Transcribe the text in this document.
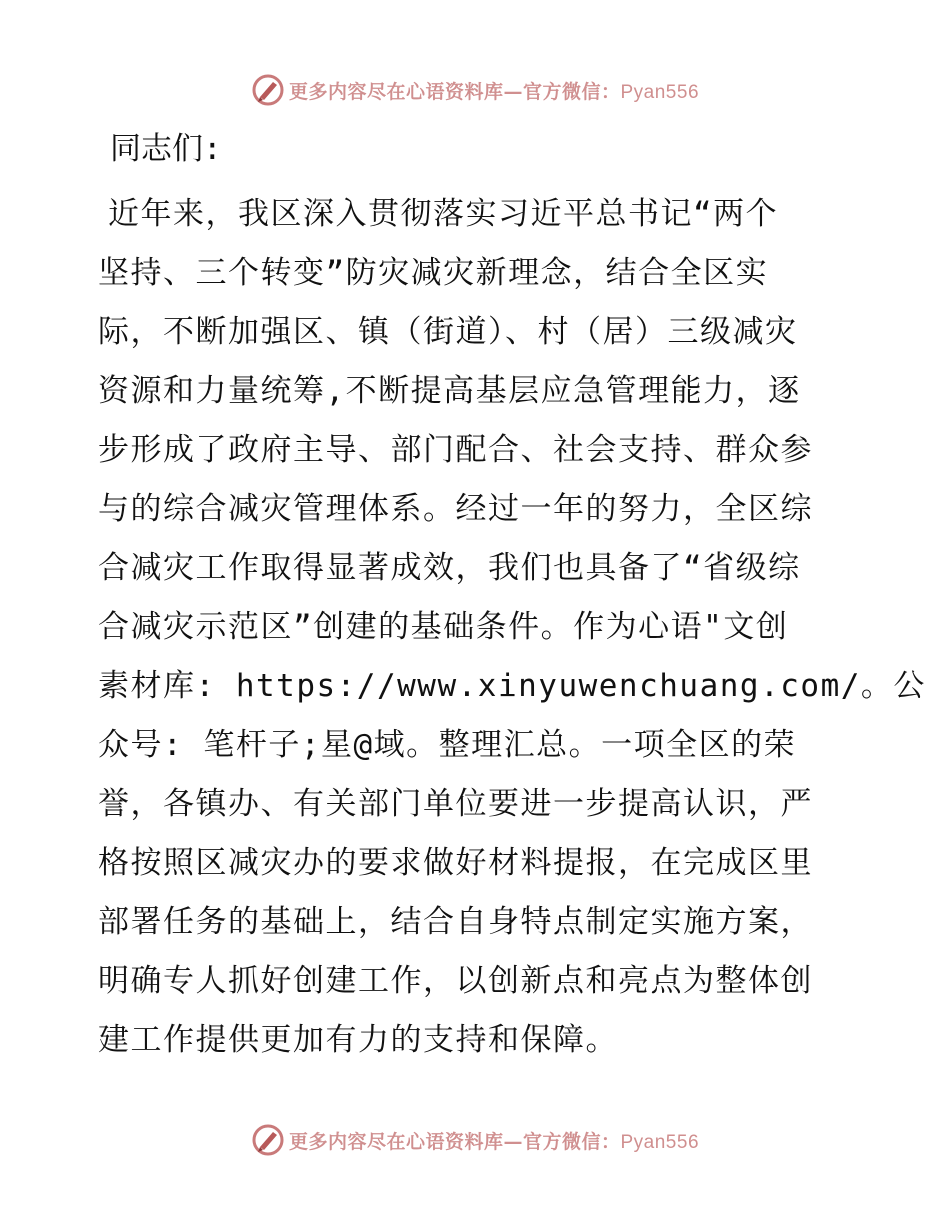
更多内容尽在心语资料库—官方微信：Pyan556
同志们:
近年来，我区深入贯彻落实习近平总书记“两个
坚持、三个转变”防灾减灾新理念，结合全区实
际，不断加强区、镇（街道）、村（居）三级减灾
资源和力量统筹,不断提高基层应急管理能力，逐
步形成了政府主导、部门配合、社会支持、群众参
与的综合减灾管理体系。经过一年的努力，全区综
合减灾工作取得显著成效，我们也具备了“省级综
合减灾示范区”创建的基础条件。作为心语"文创
素材库: https://www.xinyuwenchuang.com/。公
众号: 笔杆子;星@域。整理汇总。一项全区的荣
誉，各镇办、有关部门单位要进一步提高认识，严
格按照区减灾办的要求做好材料提报，在完成区里
部署任务的基础上，结合自身特点制定实施方案，
明确专人抓好创建工作，以创新点和亮点为整体创
建工作提供更加有力的支持和保障。
更多内容尽在心语资料库—官方微信：Pyan556
